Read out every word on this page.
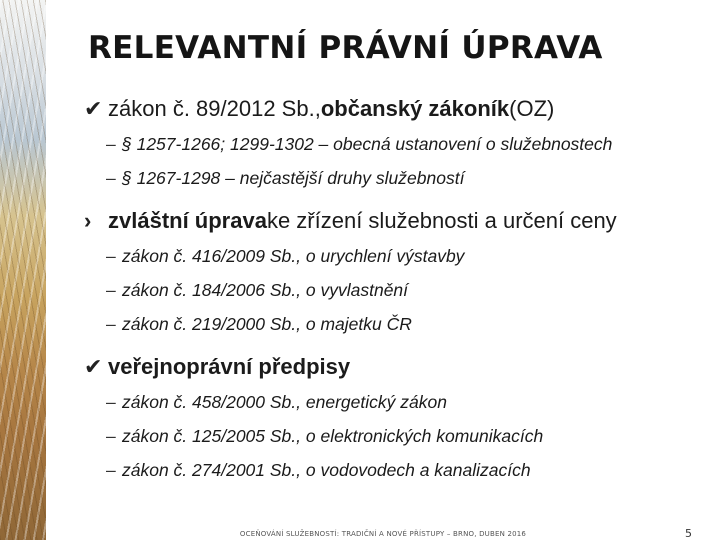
RELEVANTNÍ PRÁVNÍ ÚPRAVA
✔ zákon č. 89/2012 Sb., občanský zákoník (OZ)
– § 1257-1266; 1299-1302 – obecná ustanovení o služebnostech
– § 1267-1298 – nejčastější druhy služebností
› zvláštní úprava ke zřízení služebnosti a určení ceny
– zákon č. 416/2009 Sb., o urychlení výstavby
– zákon č. 184/2006 Sb., o vyvlastnění
– zákon č. 219/2000 Sb., o majetku ČR
✔ veřejnoprávní předpisy
– zákon č. 458/2000 Sb., energetický zákon
– zákon č. 125/2005 Sb., o elektronických komunikacích
– zákon č. 274/2001 Sb., o vodovodech a kanalizacích
OCEŇOVÁNÍ SLUŽEBNOSTÍ: TRADIČNÍ A NOVÉ PŘÍSTUPY – BRNO, DUBEN 2016	5
